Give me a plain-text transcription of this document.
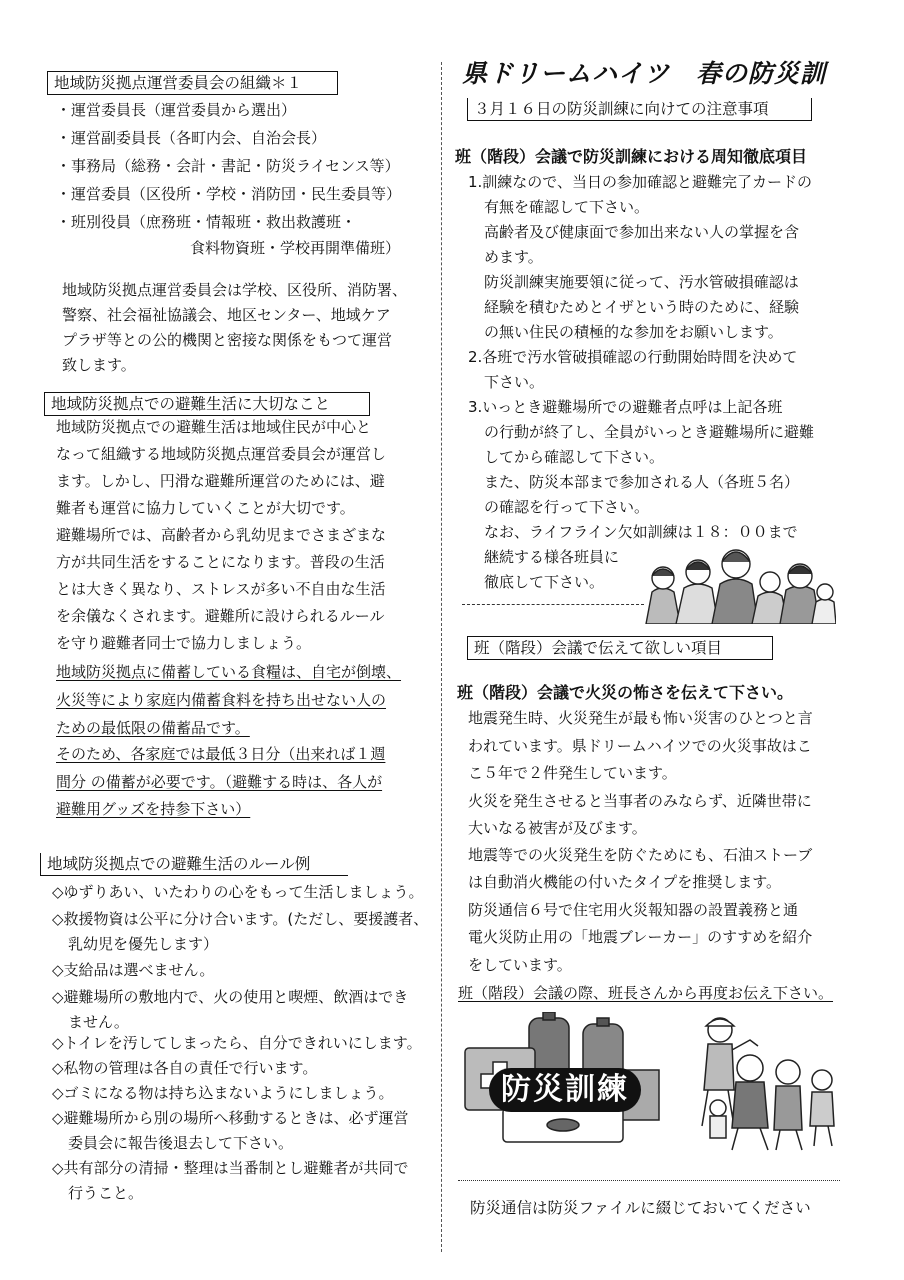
地域防災拠点運営委員会の組織＊１
・運営委員長（運営委員から選出）
・運営副委員長（各町内会、自治会長）
・事務局（総務・会計・書記・防災ライセンス等）
・運営委員（区役所・学校・消防団・民生委員等）
・班別役員（庶務班・情報班・救出救護班・
食料物資班・学校再開準備班）
地域防災拠点運営委員会は学校、区役所、消防署、
警察、社会福祉協議会、地区センター、地域ケア
プラザ等との公的機関と密接な関係をもつて運営
致します。
地域防災拠点での避難生活に大切なこと
地域防災拠点での避難生活は地域住民が中心と
なって組織する地域防災拠点運営委員会が運営し
ます。しかし、円滑な避難所運営のためには、避
難者も運営に協力していくことが大切です。
避難場所では、高齢者から乳幼児までさまざまな
方が共同生活をすることになります。普段の生活
とは大きく異なり、ストレスが多い不自由な生活
を余儀なくされます。避難所に設けられるルール
を守り避難者同士で協力しましょう。
地域防災拠点に備蓄している食糧は、自宅が倒壊、
火災等により家庭内備蓄食料を持ち出せない人の
ための最低限の備蓄品です。
そのため、各家庭では最低３日分（出来れば１週
間分 の備蓄が必要です。（避難する時は、各人が
避難用グッズを持参下さい）
地域防災拠点での避難生活のルール例
◇ゆずりあい、いたわりの心をもって生活しましょう。
◇救援物資は公平に分け合います。(ただし、要援護者、
乳幼児を優先します）
◇支給品は選べません。
◇避難場所の敷地内で、火の使用と喫煙、飲酒はでき
ません。
◇トイレを汚してしまったら、自分できれいにします。
◇私物の管理は各自の責任で行います。
◇ゴミになる物は持ち込まないようにしましょう。
◇避難場所から別の場所へ移動するときは、必ず運営
委員会に報告後退去して下さい。
◇共有部分の清掃・整理は当番制とし避難者が共同で
行うこと。
県ドリームハイツ　春の防災訓
３月１６日の防災訓練に向けての注意事項
班（階段）会議で防災訓練における周知徹底項目
1.訓練なので、当日の参加確認と避難完了カードの
有無を確認して下さい。
高齢者及び健康面で参加出来ない人の掌握を含
めます。
防災訓練実施要領に従って、汚水管破損確認は
経験を積むためとイザという時のために、経験
の無い住民の積極的な参加をお願いします。
2.各班で汚水管破損確認の行動開始時間を決めて
下さい。
3.いっとき避難場所での避難者点呼は上記各班
の行動が終了し、全員がいっとき避難場所に避難
してから確認して下さい。
また、防災本部まで参加される人（各班５名）
の確認を行って下さい。
なお、ライフライン欠如訓練は１８：００まで
継続する様各班員に
徹底して下さい。
班（階段）会議で伝えて欲しい項目
班（階段）会議で火災の怖さを伝えて下さい。
地震発生時、火災発生が最も怖い災害のひとつと言
われています。県ドリームハイツでの火災事故はこ
こ５年で２件発生しています。
火災を発生させると当事者のみならず、近隣世帯に
大いなる被害が及びます。
地震等での火災発生を防ぐためにも、石油ストーブ
は自動消火機能の付いたタイプを推奨します。
防災通信６号で住宅用火災報知器の設置義務と通
電火災防止用の「地震ブレーカー」のすすめを紹介
をしています。
班（階段）会議の際、班長さんから再度お伝え下さい。
防災訓練
防災通信は防災ファイルに綴じておいてください
